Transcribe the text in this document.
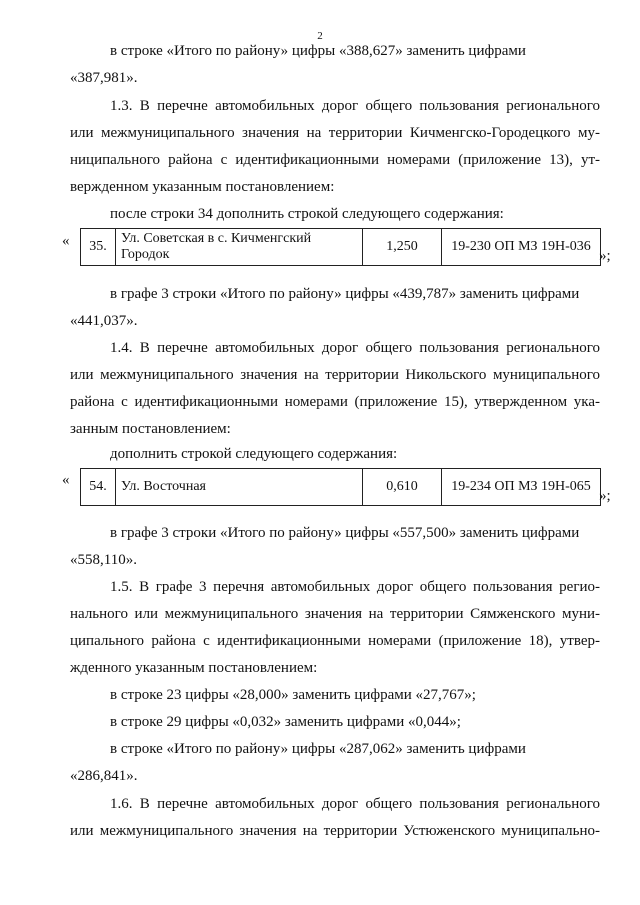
2
в строке «Итого по району» цифры «388,627» заменить цифрами
«387,981».
1.3. В перечне автомобильных дорог общего пользования регионального
или межмуниципального значения на территории Кичменгско-Городецкого му-
ниципального района с идентификационными номерами (приложение 13), ут-
вержденном указанным постановлением:
после строки 34 дополнить строкой следующего содержания:
« 35.	Ул. Советская в с. Кичменгский Городок	1,250	19-230 ОП МЗ 19Н-036
»;
в графе 3 строки «Итого по району» цифры «439,787» заменить цифрами
«441,037».
1.4. В перечне автомобильных дорог общего пользования регионального
или межмуниципального значения на территории Никольского муниципального
района с идентификационными номерами (приложение 15), утвержденном ука-
занным постановлением:
дополнить строкой следующего содержания:
« 54.	Ул. Восточная	0,610	19-234 ОП МЗ 19Н-065
»;
в графе 3 строки «Итого по району» цифры «557,500» заменить цифрами
«558,110».
1.5. В графе 3 перечня автомобильных дорог общего пользования регио-
нального или межмуниципального значения на территории Сямженского муни-
ципального района с идентификационными номерами (приложение 18), утвер-
жденного указанным постановлением:
в строке 23 цифры «28,000» заменить цифрами «27,767»;
в строке 29 цифры «0,032» заменить цифрами «0,044»;
в строке «Итого по району» цифры «287,062» заменить цифрами
«286,841».
1.6. В перечне автомобильных дорог общего пользования регионального
или межмуниципального значения на территории Устюженского муниципально-
